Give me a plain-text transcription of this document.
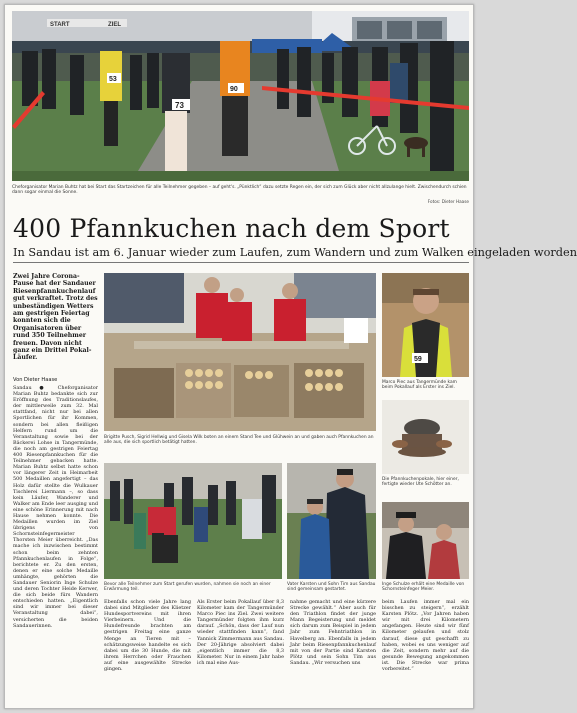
73
53
90
START	ZIEL
Cheforganisator Marian Buhtz hat bei Start das Startzeichen für alle Teilnehmer gegeben – auf geht's. „Pünktlich“ dazu setzte Regen ein, der sich zum Glück aber nicht allzulange hielt. Zwischendurch schien dann sogar einmal die Sonne.
Fotos: Dieter Haase
400 Pfannkuchen nach dem Sport
In Sandau ist am 6. Januar wieder zum Laufen, zum Wandern und zum Walken eingeladen worden
Zwei Jahre Corona-Pause hat der Sandauer Riesenpfannkuchenlauf gut verkraftet. Trotz des unbeständigen Wetters am gestrigen Feiertag konnten sich die Organisatoren über rund 350 Teilnehmer freuen. Davon nicht ganz ein Drittel Pokal-Läufer.
Von Dieter Haase

Sandau ● Cheforganisator Marian Buhtz bedankte sich zur Eröffnung des Traditionslaufes, der mittlerweile zum 32. Mal stattfand, nicht nur bei allen Sportlichen für ihr Kommen, sondern bei allen fleißigen Helfern rund um die Veranstaltung sowie bei der Bäckerei Lohse in Tangermünde, die noch am gestrigen Feiertag 400 Riesenpfannkuchen für die Teilnehmer gebacken hatte. Marian Buhtz selbst hatte schon vor längerer Zeit in Heimarbeit 500 Medaillen angefertigt – das Holz dafür stellte die Wulkauer Tischlerei Liermann –, so dass kein Läufer, Wanderer und Walker am Ende leer ausging und eine schöne Erinnerung mit nach Hause nehmen konnte. Die Medaillen wurden im Ziel übrigens von Schornsteinfegermeister Thorsten Meier überreicht. „Das mache ich inzwischen bestimmt schon beim zehnten Pfannkuchenlaufen in Folge“, berichtete er. Zu den ersten, denen er eine solche Medaille umhängte, gehörten die Sandauer Seniorin Inge Schulze und deren Tochter Heide Kerwer, die sich beide fürs Wandern entschieden hatten. „Eigentlich sind wir immer bei dieser Veranstaltung dabei“, versicherten die beiden Sandauerinnen.

Brigitte Pusch, Sigrid Hellwig und Gisela Wilk boten an einem Stand Tee und Glühwein an und gaben auch Pfannkuchen an alle aus, die sich sportlich betätigt hatten.
59
Marco Piec aus Tangermünde kam beim Pokallauf als Erster ins Ziel.
Die Pfannkuchenpokale, hier einer, fertigte wieder Ute Schötter an.
Bevor alle Teilnehmer zum Start gerufen wurden, nahmen sie noch an einer Erwärmung teil.
Vater Karsten und Sohn Tim aus Sandau sind gemeinsam gestartet.
Inge Schulze erhält eine Medaille von Schornsteinfeger Meier.

Ebenfalls schon viele Jahre lang dabei sind Mitglieder des Klietzer Hundesportvereins mit ihren Vierbeinern. Und die Hundefreunde brachten am gestrigen Freitag eine ganze Menge an Tieren mit – schätzungsweise handelte es sich dabei um die 30 Hunde, die mit ihrem Herrchen oder Frauchen auf eine ausgewählte Strecke gingen.

Als Erster beim Pokallauf über 8,3 Kilometer kam der Tangermünder Marco Piec ins Ziel. Zwei weitere Tangermünder folgten ihm kurz darauf. „Schön, dass der Lauf nun wieder stattfinden kann“, fand Yannick Zimmermann aus Sandau. Der 20-Jährige absolviert dabei „eigentlich immer die 8,3 Kilometer. Nur in einem Jahr habe ich mal eine Aus-

nahme gemacht und eine kürzere Strecke gewählt.“ Aber auch für den Triathlon findet der junge Mann Begeisterung und meldet sich darum zum Beispiel in jedem Jahr zum Fehntriathlon in Havelberg an. Ebenfalls in jedem Jahr beim Riesenpfannkuchenlauf mit von der Partie sind Karsten Plötz und sein Sohn Tim aus Sandau. „Wir versuchen uns

beim Laufen immer mal ein bisschen zu steigern“, erzählt Karsten Plötz. „Vor Jahren haben wir mit drei Kilometern angefangen. Heute sind wir fünf Kilometer gelaufen und stolz darauf, diese gut geschafft zu haben, wobei es uns weniger auf die Zeit, sondern mehr auf die gesunde Bewegung angekommen ist. Die Strecke war prima vorbereitet.“
